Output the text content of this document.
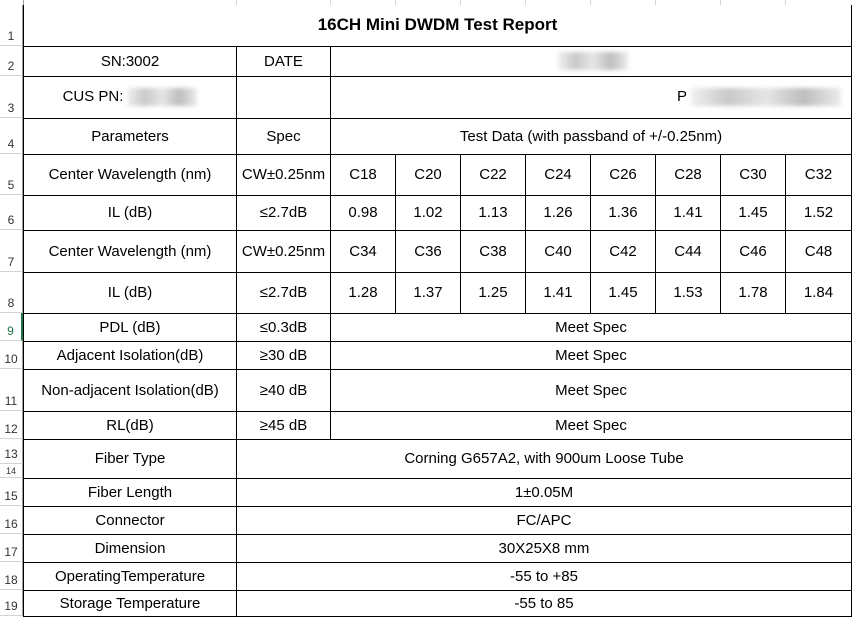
1
2
3
4
5
6
7
8
9
10
11
12
13
14
15
16
17
18
19
16CH Mini DWDM Test Report									
SN:3002	DATE								
CUS PN:		P							
Parameters	Spec	Test Data (with passband of +/-0.25nm)							
Center Wavelength (nm)	CW±0.25nm	C18	C20	C22	C24	C26	C28	C30	C32
IL (dB)	≤2.7dB	0.98	1.02	1.13	1.26	1.36	1.41	1.45	1.52
Center Wavelength (nm)	CW±0.25nm	C34	C36	C38	C40	C42	C44	C46	C48
IL (dB)	≤2.7dB	1.28	1.37	1.25	1.41	1.45	1.53	1.78	1.84
PDL (dB)	≤0.3dB	Meet Spec							
Adjacent Isolation(dB)	≥30 dB	Meet Spec							
Non-adjacent Isolation(dB)	≥40 dB	Meet Spec							
RL(dB)	≥45 dB	Meet Spec							
Fiber Type	Corning G657A2, with 900um Loose Tube								
Fiber Length	1±0.05M								
Connector	FC/APC								
Dimension	30X25X8 mm								
OperatingTemperature	-55 to +85								
Storage Temperature	-55 to 85								
